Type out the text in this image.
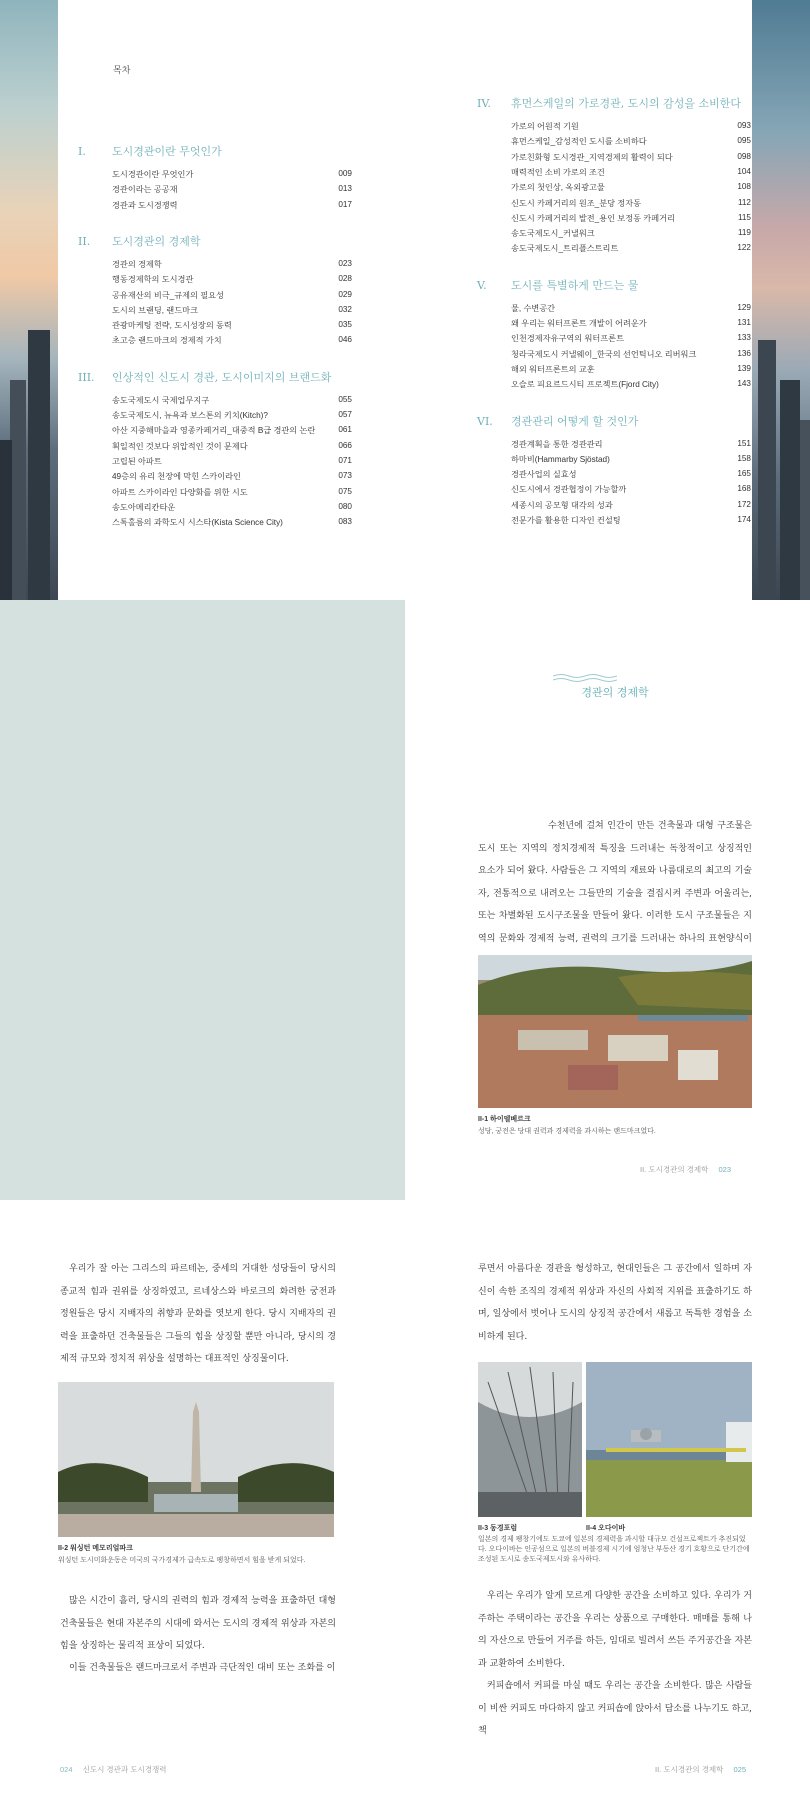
목차
I. 도시경관이란 무엇인가
도시경관이란 무엇인가	009
경관이라는 공공재	013
경관과 도시경쟁력	017
II. 도시경관의 경제학
경관의 경제학	023
행동경제학의 도시경관	028
공유재산의 비극_규제의 필요성	029
도시의 브랜딩, 랜드마크	032
관광마케팅 전략, 도시성장의 동력	035
초고층 랜드마크의 경제적 가치	046
III. 인상적인 신도시 경관, 도시이미지의 브랜드화
송도국제도시 국제업무지구	055
송도국제도시, 뉴욕과 보스톤의 키치(Kitch)?	057
아산 지중해마을과 영종카페거리_대중적 B급 경관의 논란	061
획일적인 것보다 위압적인 것이 문제다	066
고립된 아파트	071
49층의 유리 천장에 막힌 스카이라인	073
아파트 스카이라인 다양화를 위한 시도	075
송도아메리칸타운	080
스톡홀름의 과학도시 시스타(Kista Science City)	083
IV. 휴먼스케일의 가로경관, 도시의 감성을 소비한다
가로의 어원적 기원	093
휴먼스케일_감성적인 도시를 소비하다	095
가로친화형 도시경관_지역경제의 활력이 되다	098
매력적인 소비 가로의 조건	104
가로의 첫인상, 옥외광고물	108
신도시 카페거리의 원조_분당 정자동	112
신도시 카페거리의 발전_용인 보정동 카페거리	115
송도국제도시_커낼워크	119
송도국제도시_트리플스트리트	122
V. 도시를 특별하게 만드는 물
물, 수변공간	129
왜 우리는 워터프론트 개발이 어려운가	131
인천경제자유구역의 워터프론트	133
청라국제도시 커낼웨이_한국의 선언틱니오 리버워크	136
해외 워터프론트의 교훈	139
오슬로 피요르드시티 프로젝트(Fjord City)	143
VI. 경관관리 어떻게 할 것인가
경관계획을 통한 경관관리	151
하마비(Hammarby Sjöstad)	158
경관사업의 실효성	165
신도시에서 경관협정이 가능할까	168
세종시의 공모형 대각의 성과	172
전문가를 활용한 디자인 컨설팅	174
경관의 경제학
수천년에 걸쳐 인간이 만든 건축물과 대형 구조물은 도시 또는 지역의 정치경제적 특징을 드러내는 독창적이고 상징적인 요소가 되어 왔다. 사람들은 그 지역의 재료와 나름대로의 최고의 기술자, 전통적으로 내려오는 그들만의 기술을 결집시켜 주변과 어울리는, 또는 차별화된 도시구조물을 만들어 왔다. 이러한 도시 구조물들은 지역의 문화와 경제적 능력, 권력의 크기를 드러내는 하나의 표현양식이
II-1 하이델베르크
성당, 궁전은 당대 권력과 경제력을 과시하는 랜드마크였다.
II. 도시경관의 경제학 023
우리가 잘 아는 그리스의 파르테논, 중세의 거대한 성당들이 당시의 종교적 힘과 권위를 상징하였고, 르네상스와 바로크의 화려한 궁전과 정원들은 당시 지배자의 취향과 문화를 엿보게 한다. 당시 지배자의 권력을 표출하던 건축물들은 그들의 힘을 상징할 뿐만 아니라, 당시의 경제적 규모와 정치적 위상을 설명하는 대표적인 상징물이다.
II-2 워싱턴 메모리얼파크
워싱턴 도시미화운동은 미국의 국가경제가 급속도로 팽창하면서 힘을 받게 되었다.
많은 시간이 흘러, 당시의 권력의 힘과 경제적 능력을 표출하던 대형 건축물들은 현대 자본주의 시대에 와서는 도시의 경제적 위상과 자본의 힘을 상징하는 물리적 표상이 되었다.
이들 건축물들은 랜드마크로서 주변과 극단적인 대비 또는 조화를 이
024 신도시 경관과 도시경쟁력
루면서 아름다운 경관을 형성하고, 현대인들은 그 공간에서 일하며 자신이 속한 조직의 경제적 위상과 자신의 사회적 지위를 표출하기도 하며, 일상에서 벗어나 도시의 상징적 공간에서 새롭고 독특한 경험을 소비하게 된다.
II-3 동경포럼	II-4 오다이바
일본의 경제 팽창기에도 도쿄에 일본의 경제력을 과시할 대규모 건설프로젝트가 추진되었다. 오다이바는 인공섬으로 일본의 버블경제 시기에 엄청난 부동산 경기 호황으로 단기간에 조성된 도시로 송도국제도시와 유사하다.
우리는 우리가 알게 모르게 다양한 공간을 소비하고 있다. 우리가 거주하는 주택이라는 공간을 우리는 상품으로 구매한다. 매매를 통해 나의 자산으로 만들어 거주를 하든, 임대로 빌려서 쓰든 주거공간을 자본과 교환하여 소비한다.
커피숍에서 커피를 마실 때도 우리는 공간을 소비한다. 많은 사람들이 비싼 커피도 마다하지 않고 커피숍에 앉아서 담소를 나누기도 하고, 책
II. 도시경관의 경제학 025
